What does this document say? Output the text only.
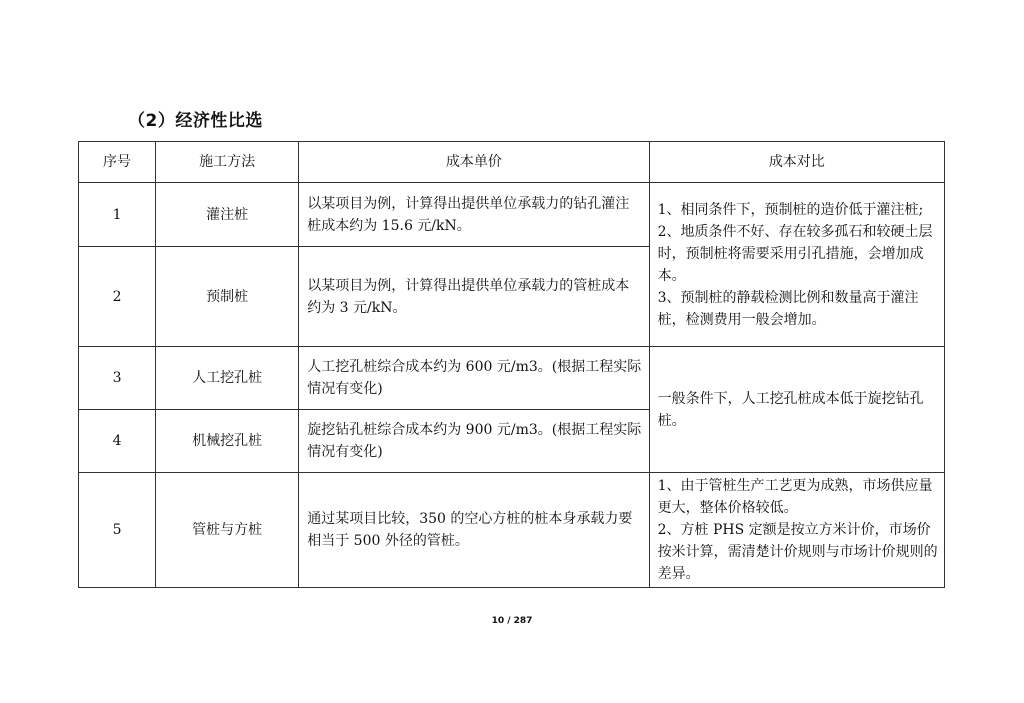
（2）经济性比选
序号	施工方法	成本单价	成本对比
1	灌注桩	以某项目为例，计算得出提供单位承载力的钻孔灌注桩成本约为 15.6 元/kN。	1、相同条件下，预制桩的造价低于灌注桩;
2、地质条件不好、存在较多孤石和较硬土层时，预制桩将需要采用引孔措施，会增加成本。
3、预制桩的静载检测比例和数量高于灌注桩，检测费用一般会增加。

2	预制桩	以某项目为例，计算得出提供单位承载力的管桩成本约为 3 元/kN。	
3	人工挖孔桩	人工挖孔桩综合成本约为 600 元/m3。(根据工程实际情况有变化)	一般条件下，人工挖孔桩成本低于旋挖钻孔桩。

4	机械挖孔桩	旋挖钻孔桩综合成本约为 900 元/m3。(根据工程实际情况有变化)	
5	管桩与方桩	通过某项目比较，350 的空心方桩的桩本身承载力要相当于 500 外径的管桩。	1、由于管桩生产工艺更为成熟，市场供应量更大，整体价格较低。
2、方桩 PHS 定额是按立方米计价，市场价按米计算，需清楚计价规则与市场计价规则的差异。
10 / 287
